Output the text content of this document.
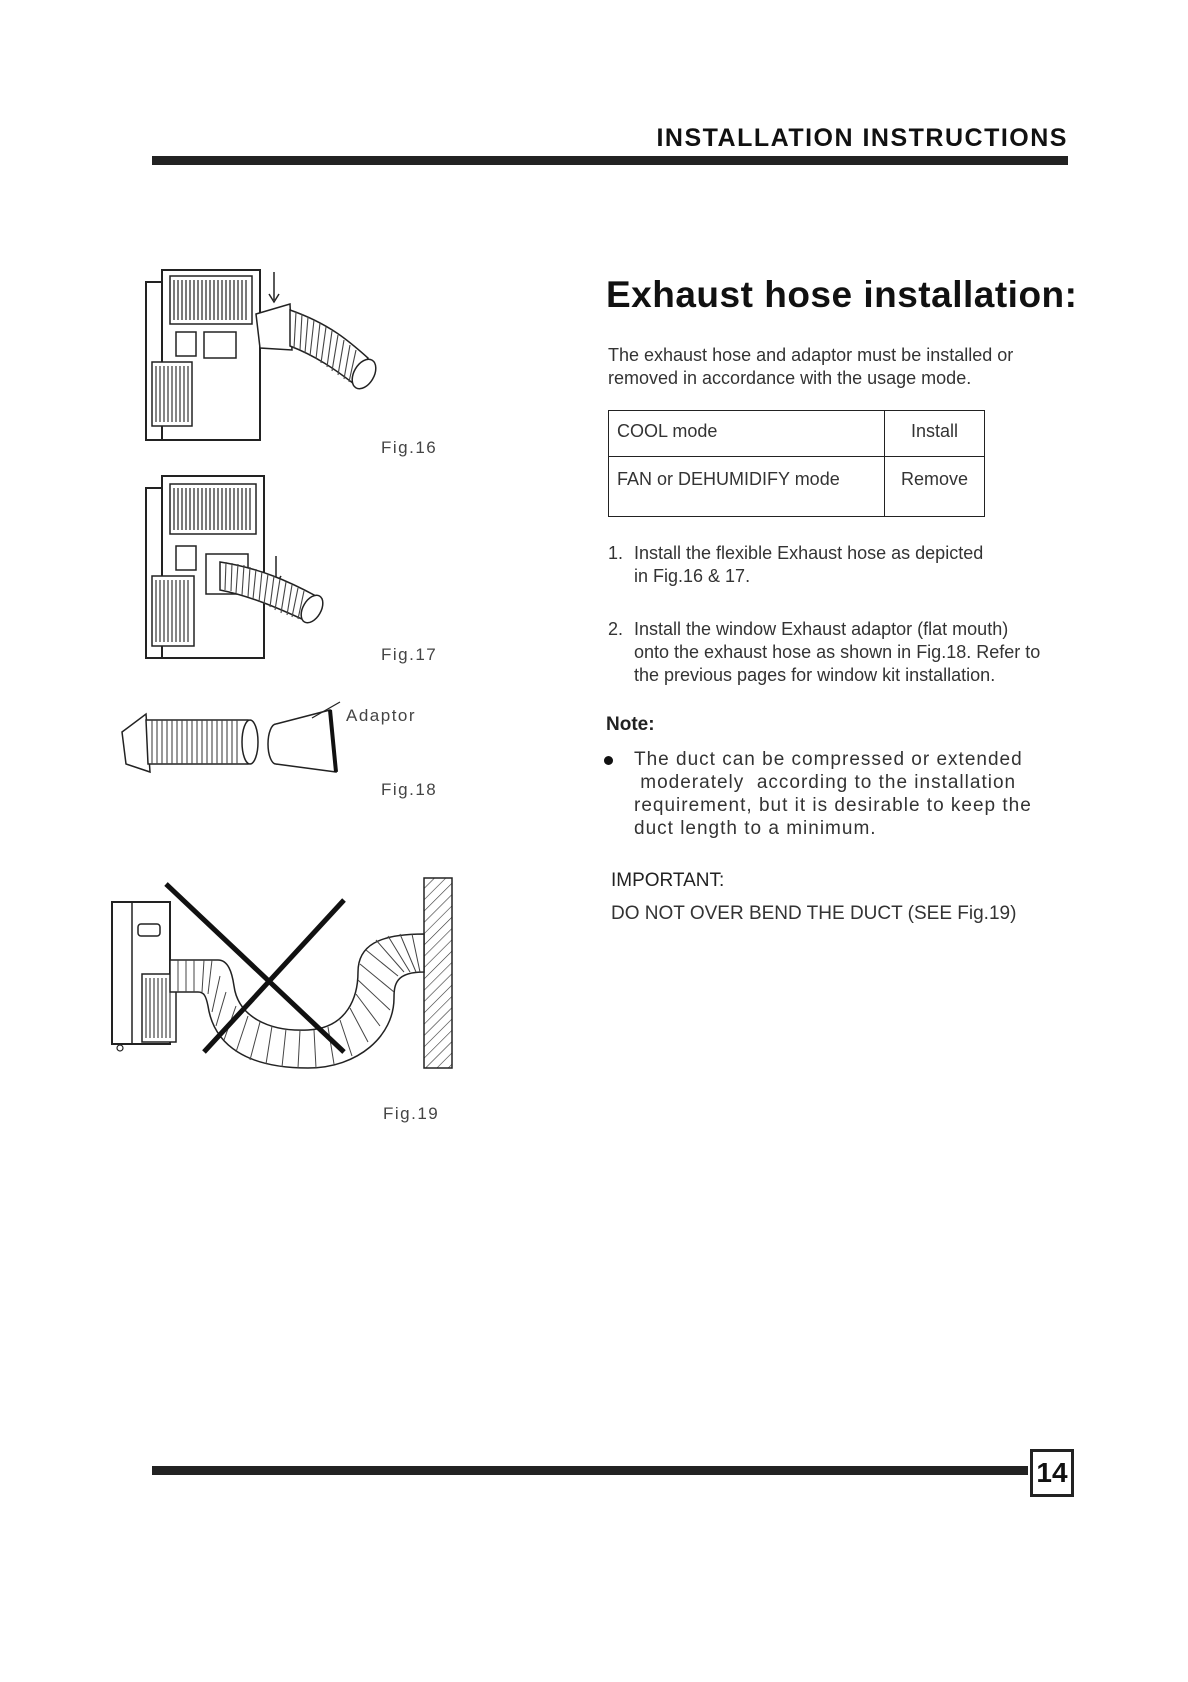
INSTALLATION INSTRUCTIONS
Fig.16
Fig.17
Adaptor
Fig.18
Fig.19
Exhaust hose installation:
The exhaust hose and adaptor must be installed or removed in accordance with the usage mode.
COOL mode	Install
FAN or DEHUMIDIFY mode	Remove
1. Install the flexible Exhaust hose as depicted
in Fig.16 & 17.
2. Install the window Exhaust adaptor (flat mouth)
onto the exhaust hose as shown in Fig.18. Refer to
the previous pages for window kit installation.
Note:
The duct can be compressed or extended
moderately  according to the installation
requirement, but it is desirable to keep the
duct length to a minimum.
IMPORTANT:
DO NOT OVER BEND THE DUCT (SEE Fig.19)
14
